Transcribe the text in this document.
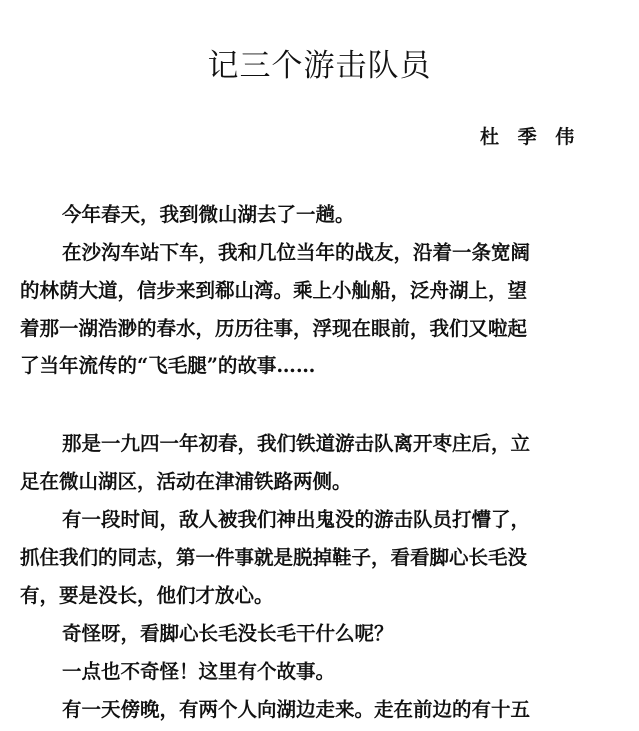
记三个游击队员
杜 季 伟
今年春天，我到微山湖去了一趟。
在沙沟车站下车，我和几位当年的战友，沿着一条宽阔
的林荫大道，信步来到郗山湾。乘上小舢船，泛舟湖上，望
着那一湖浩渺的春水，历历往事，浮现在眼前，我们又啦起
了当年流传的“飞毛腿”的故事……
那是一九四一年初春，我们铁道游击队离开枣庄后，立
足在微山湖区，活动在津浦铁路两侧。
有一段时间，敌人被我们神出鬼没的游击队员打懵了，
抓住我们的同志，第一件事就是脱掉鞋子，看看脚心长毛没
有，要是没长，他们才放心。
奇怪呀，看脚心长毛没长毛干什么呢？
一点也不奇怪！这里有个故事。
有一天傍晚，有两个人向湖边走来。走在前边的有十五
